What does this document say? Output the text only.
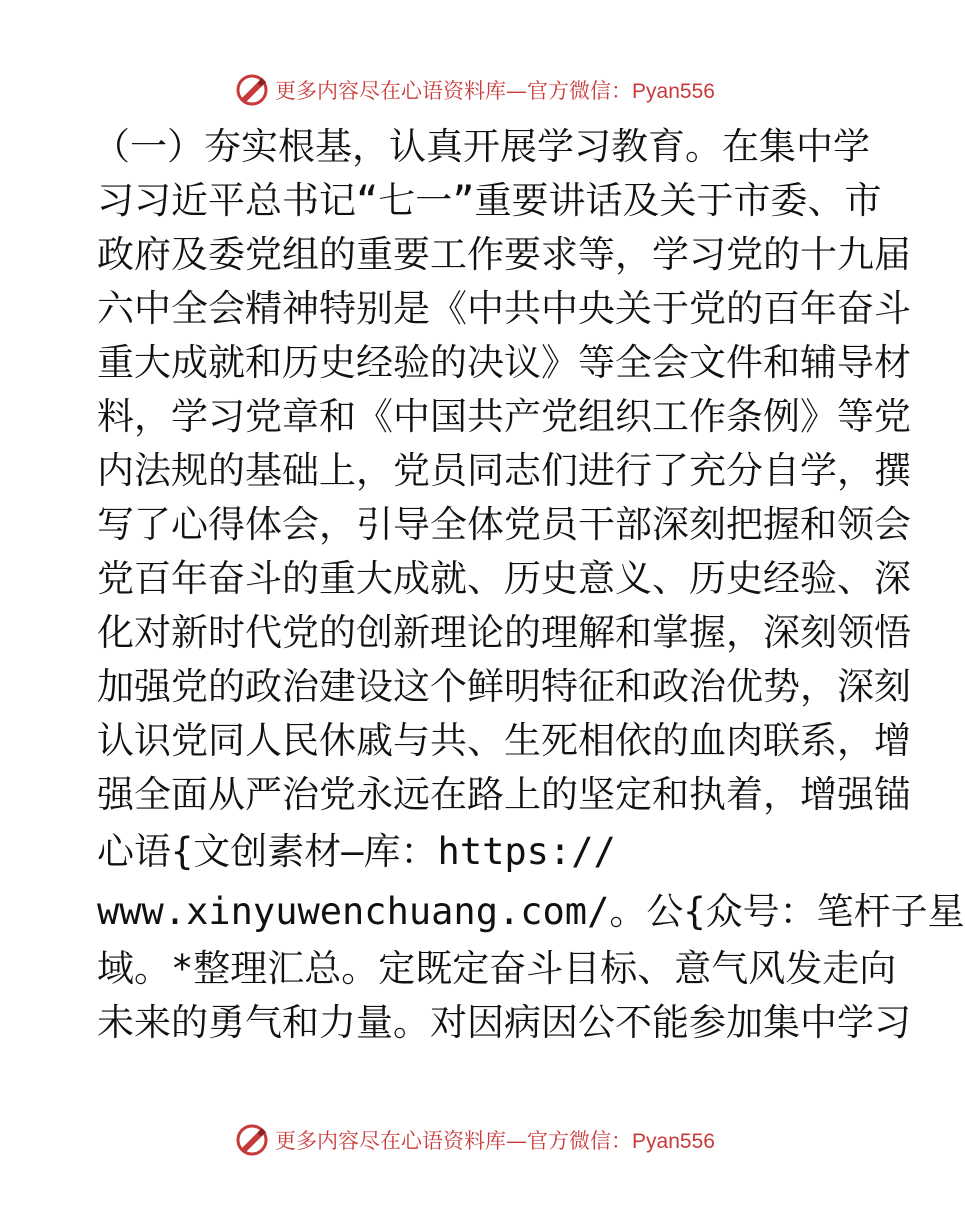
更多内容尽在心语资料库—官方微信：Pyan556
（一）夯实根基，认真开展学习教育。在集中学
习习近平总书记“七一”重要讲话及关于市委、市
政府及委党组的重要工作要求等，学习党的十九届
六中全会精神特别是《中共中央关于党的百年奋斗
重大成就和历史经验的决议》等全会文件和辅导材
料，学习党章和《中国共产党组织工作条例》等党
内法规的基础上，党员同志们进行了充分自学，撰
写了心得体会，引导全体党员干部深刻把握和领会
党百年奋斗的重大成就、历史意义、历史经验、深
化对新时代党的创新理论的理解和掌握，深刻领悟
加强党的政治建设这个鲜明特征和政治优势，深刻
认识党同人民休戚与共、生死相依的血肉联系，增
强全面从严治党永远在路上的坚定和执着，增强锚
心语{文创素材—库：https://
www.xinyuwenchuang.com/。公{众号：笔杆子星
域。*整理汇总。定既定奋斗目标、意气风发走向
未来的勇气和力量。对因病因公不能参加集中学习
更多内容尽在心语资料库—官方微信：Pyan556
